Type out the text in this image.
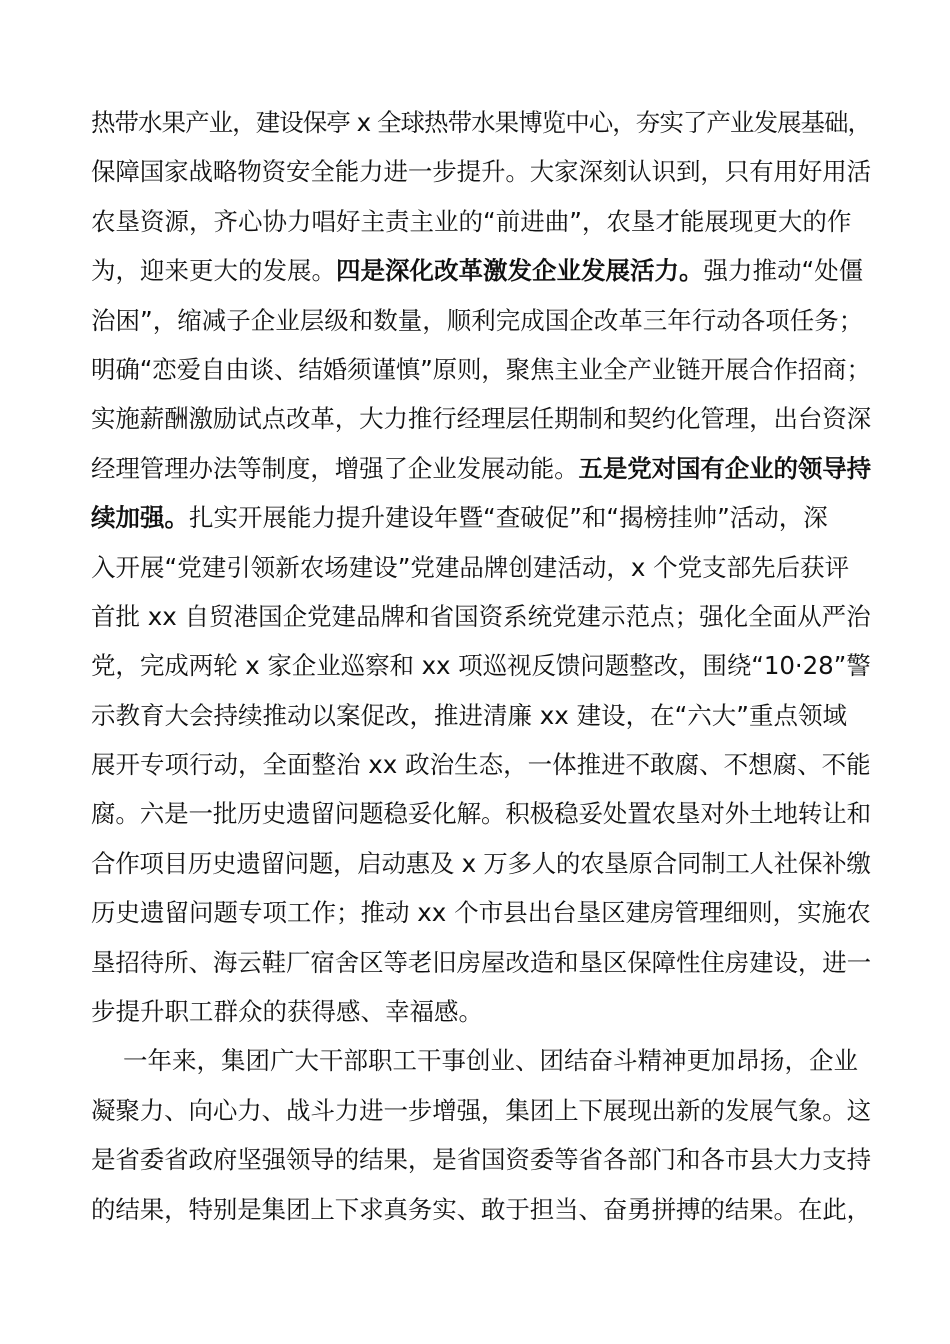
热带水果产业，建设保亭 x 全球热带水果博览中心，夯实了产业发展基础，
保障国家战略物资安全能力进一步提升。大家深刻认识到，只有用好用活
农垦资源，齐心协力唱好主责主业的“前进曲”，农垦才能展现更大的作
为，迎来更大的发展。四是深化改革激发企业发展活力。强力推动“处僵
治困”，缩减子企业层级和数量，顺利完成国企改革三年行动各项任务；
明确“恋爱自由谈、结婚须谨慎”原则，聚焦主业全产业链开展合作招商；
实施薪酬激励试点改革，大力推行经理层任期制和契约化管理，出台资深
经理管理办法等制度，增强了企业发展动能。五是党对国有企业的领导持
续加强。扎实开展能力提升建设年暨“查破促”和“揭榜挂帅”活动，深
入开展“党建引领新农场建设”党建品牌创建活动，x 个党支部先后获评
首批 xx 自贸港国企党建品牌和省国资系统党建示范点；强化全面从严治
党，完成两轮 x 家企业巡察和 xx 项巡视反馈问题整改，围绕“10·28”警
示教育大会持续推动以案促改，推进清廉 xx 建设，在“六大”重点领域
展开专项行动，全面整治 xx 政治生态，一体推进不敢腐、不想腐、不能
腐。六是一批历史遗留问题稳妥化解。积极稳妥处置农垦对外土地转让和
合作项目历史遗留问题，启动惠及 x 万多人的农垦原合同制工人社保补缴
历史遗留问题专项工作；推动 xx 个市县出台垦区建房管理细则，实施农
垦招待所、海云鞋厂宿舍区等老旧房屋改造和垦区保障性住房建设，进一
步提升职工群众的获得感、幸福感。
一年来，集团广大干部职工干事创业、团结奋斗精神更加昂扬，企业
凝聚力、向心力、战斗力进一步增强，集团上下展现出新的发展气象。这
是省委省政府坚强领导的结果，是省国资委等省各部门和各市县大力支持
的结果，特别是集团上下求真务实、敢于担当、奋勇拼搏的结果。在此，
